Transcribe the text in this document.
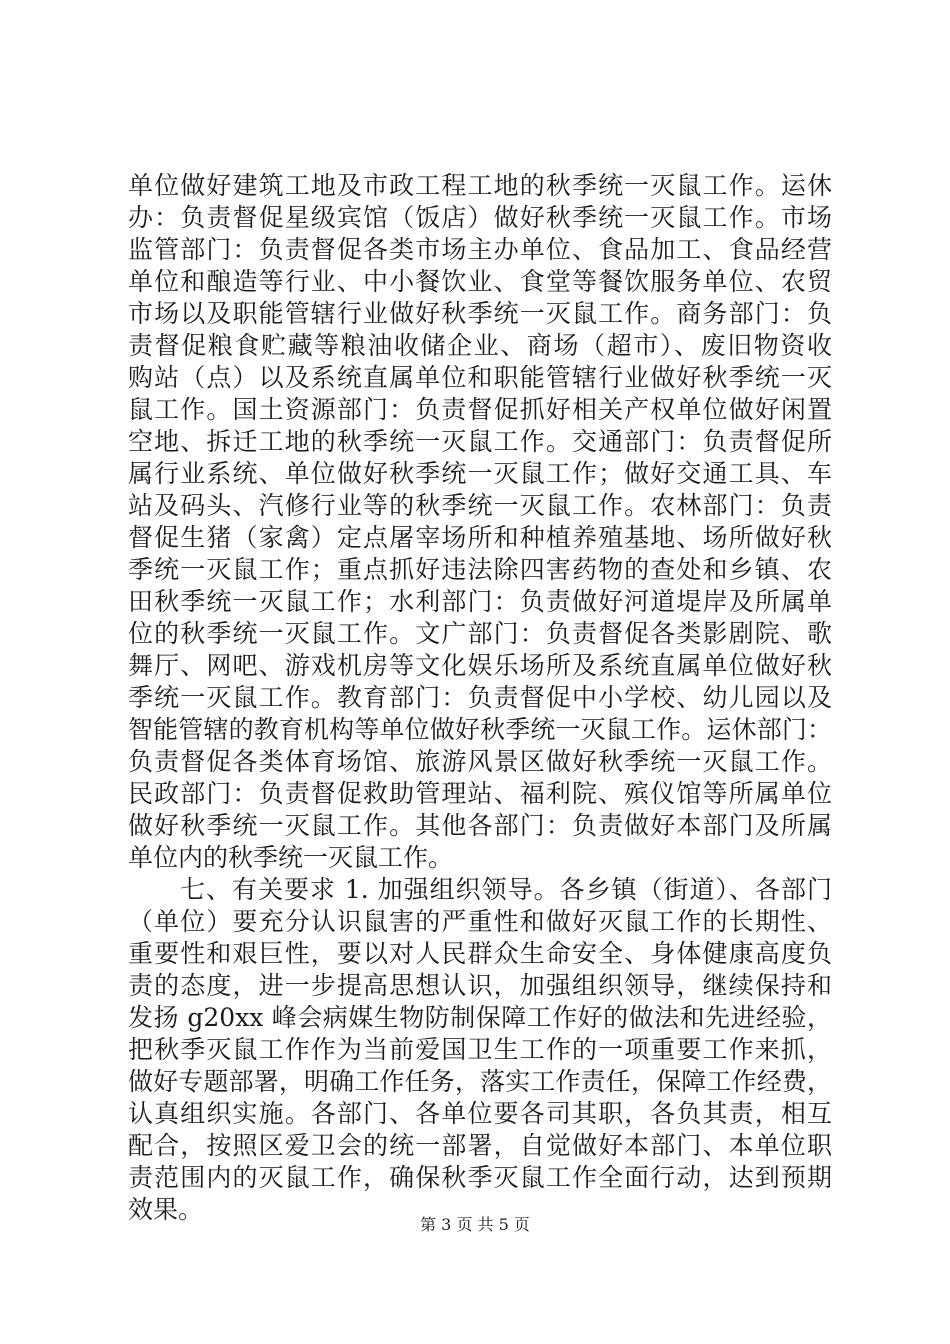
单位做好建筑工地及市政工程工地的秋季统一灭鼠工作。运休
办：负责督促星级宾馆（饭店）做好秋季统一灭鼠工作。市场
监管部门：负责督促各类市场主办单位、食品加工、食品经营
单位和酿造等行业、中小餐饮业、食堂等餐饮服务单位、农贸
市场以及职能管辖行业做好秋季统一灭鼠工作。商务部门：负
责督促粮食贮藏等粮油收储企业、商场（超市）、废旧物资收
购站（点）以及系统直属单位和职能管辖行业做好秋季统一灭
鼠工作。国土资源部门：负责督促抓好相关产权单位做好闲置
空地、拆迁工地的秋季统一灭鼠工作。交通部门：负责督促所
属行业系统、单位做好秋季统一灭鼠工作；做好交通工具、车
站及码头、汽修行业等的秋季统一灭鼠工作。农林部门：负责
督促生猪（家禽）定点屠宰场所和种植养殖基地、场所做好秋
季统一灭鼠工作；重点抓好违法除四害药物的查处和乡镇、农
田秋季统一灭鼠工作；水利部门：负责做好河道堤岸及所属单
位的秋季统一灭鼠工作。文广部门：负责督促各类影剧院、歌
舞厅、网吧、游戏机房等文化娱乐场所及系统直属单位做好秋
季统一灭鼠工作。教育部门：负责督促中小学校、幼儿园以及
智能管辖的教育机构等单位做好秋季统一灭鼠工作。运休部门：
负责督促各类体育场馆、旅游风景区做好秋季统一灭鼠工作。
民政部门：负责督促救助管理站、福利院、殡仪馆等所属单位
做好秋季统一灭鼠工作。其他各部门：负责做好本部门及所属
单位内的秋季统一灭鼠工作。
　　七、有关要求 1. 加强组织领导。各乡镇（街道）、各部门
（单位）要充分认识鼠害的严重性和做好灭鼠工作的长期性、
重要性和艰巨性，要以对人民群众生命安全、身体健康高度负
责的态度，进一步提高思想认识，加强组织领导，继续保持和
发扬 g20xx 峰会病媒生物防制保障工作好的做法和先进经验，
把秋季灭鼠工作作为当前爱国卫生工作的一项重要工作来抓，
做好专题部署，明确工作任务，落实工作责任，保障工作经费，
认真组织实施。各部门、各单位要各司其职，各负其责，相互
配合，按照区爱卫会的统一部署，自觉做好本部门、本单位职
责范围内的灭鼠工作，确保秋季灭鼠工作全面行动，达到预期
效果。
第 3 页 共 5 页
